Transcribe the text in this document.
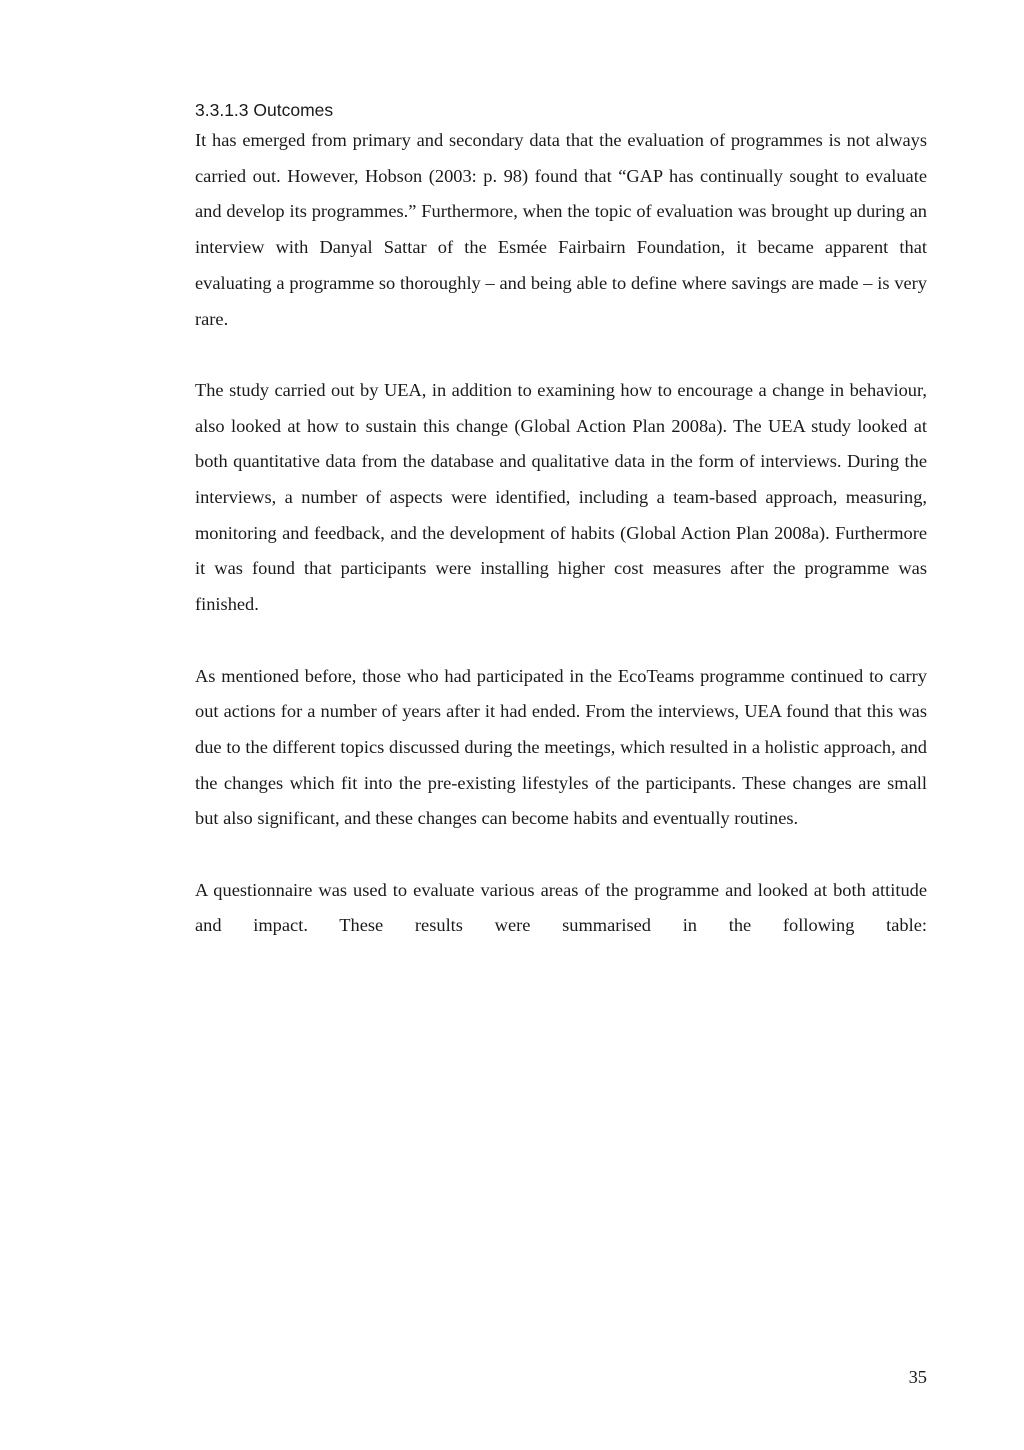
3.3.1.3 Outcomes

It has emerged from primary and secondary data that the evaluation of programmes is not always carried out. However, Hobson (2003: p. 98) found that “GAP has continually sought to evaluate and develop its programmes.” Furthermore, when the topic of evaluation was brought up during an interview with Danyal Sattar of the Esmée Fairbairn Foundation, it became apparent that evaluating a programme so thoroughly – and being able to define where savings are made – is very rare.

The study carried out by UEA, in addition to examining how to encourage a change in behaviour, also looked at how to sustain this change (Global Action Plan 2008a). The UEA study looked at both quantitative data from the database and qualitative data in the form of interviews. During the interviews, a number of aspects were identified, including a team-based approach, measuring, monitoring and feedback, and the development of habits (Global Action Plan 2008a). Furthermore it was found that participants were installing higher cost measures after the programme was finished.

As mentioned before, those who had participated in the EcoTeams programme continued to carry out actions for a number of years after it had ended. From the interviews, UEA found that this was due to the different topics discussed during the meetings, which resulted in a holistic approach, and the changes which fit into the pre-existing lifestyles of the participants. These changes are small but also significant, and these changes can become habits and eventually routines.

A questionnaire was used to evaluate various areas of the programme and looked at both attitude and impact. These results were summarised in the following table:

35
